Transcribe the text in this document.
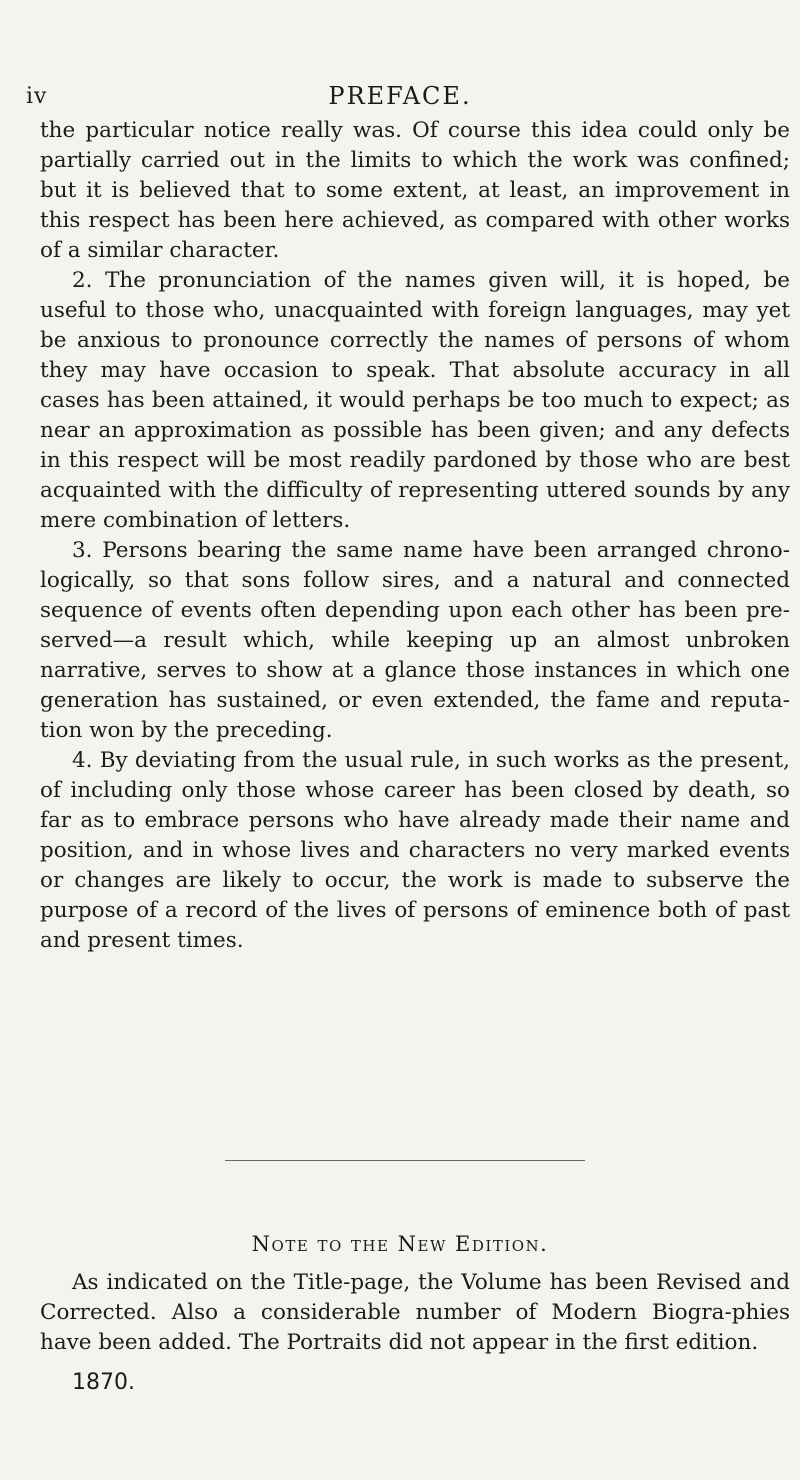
iv	PREFACE.

the particular notice really was. Of course this idea could only be partially carried out in the limits to which the work was confined; but it is believed that to some extent, at least, an improvement in this respect has been here achieved, as compared with other works of a similar character.

2. The pronunciation of the names given will, it is hoped, be useful to those who, unacquainted with foreign languages, may yet be anxious to pronounce correctly the names of persons of whom they may have occasion to speak. That absolute accuracy in all cases has been attained, it would perhaps be too much to expect; as near an approximation as possible has been given; and any defects in this respect will be most readily pardoned by those who are best acquainted with the difficulty of representing uttered sounds by any mere combination of letters.

3. Persons bearing the same name have been arranged chrono-logically, so that sons follow sires, and a natural and connected sequence of events often depending upon each other has been pre-served—a result which, while keeping up an almost unbroken narrative, serves to show at a glance those instances in which one generation has sustained, or even extended, the fame and reputa-tion won by the preceding.

4. By deviating from the usual rule, in such works as the present, of including only those whose career has been closed by death, so far as to embrace persons who have already made their name and position, and in whose lives and characters no very marked events or changes are likely to occur, the work is made to subserve the purpose of a record of the lives of persons of eminence both of past and present times.

Note to the New Edition.

As indicated on the Title-page, the Volume has been Revised and Corrected. Also a considerable number of Modern Biogra-phies have been added. The Portraits did not appear in the first edition.

1870.
